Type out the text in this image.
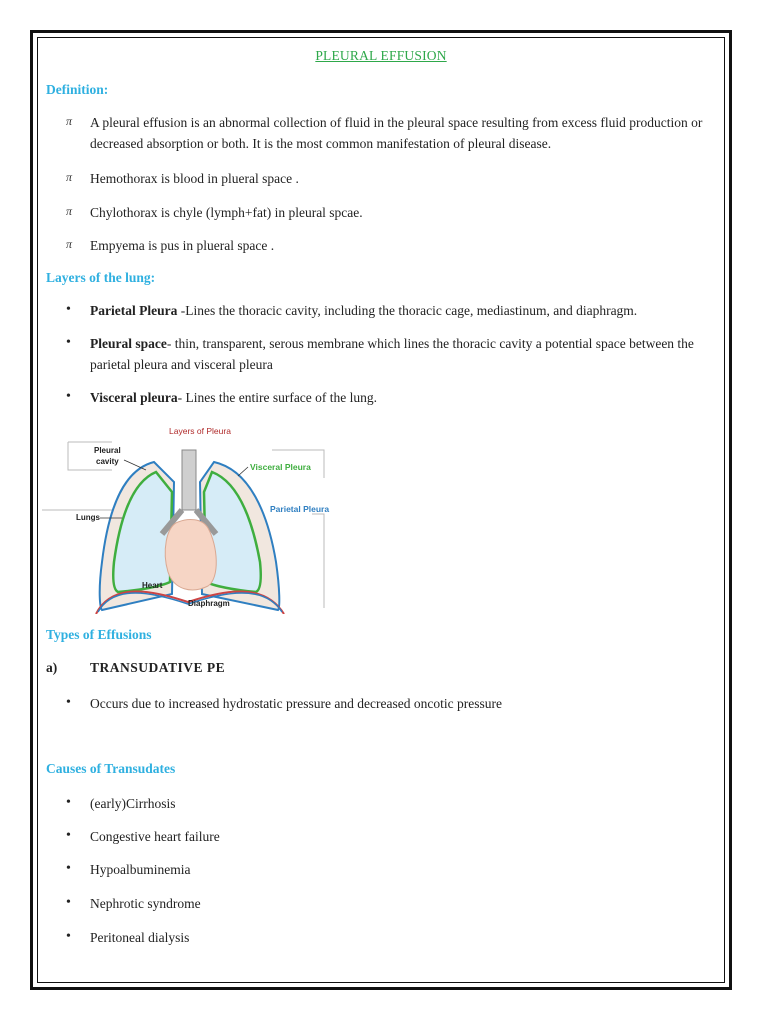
PLEURAL EFFUSION
Definition:
π A pleural effusion is an abnormal collection of fluid in the pleural space resulting from excess fluid production or decreased absorption or both. It is the most common manifestation of pleural disease.
π Hemothorax is blood in plueral space .
π Chylothorax is chyle (lymph+fat) in pleural spcae.
π Empyema is pus in plueral space .
Layers of the lung:
• Parietal Pleura -Lines the thoracic cavity, including the thoracic cage, mediastinum, and diaphragm.
• Pleural space- thin, transparent, serous membrane which lines the thoracic cavity a potential space between the parietal pleura and visceral pleura
• Visceral pleura- Lines the entire surface of the lung.
Layers of Pleura
Pleural
cavity
Visceral Pleura
Parietal Pleura
Lungs
Heart
Diaphragm
Types of Effusions
a) TRANSUDATIVE PE
• Occurs due to increased hydrostatic pressure and decreased oncotic pressure
Causes of Transudates
• (early)Cirrhosis
• Congestive heart failure
• Hypoalbuminemia
• Nephrotic syndrome
• Peritoneal dialysis
